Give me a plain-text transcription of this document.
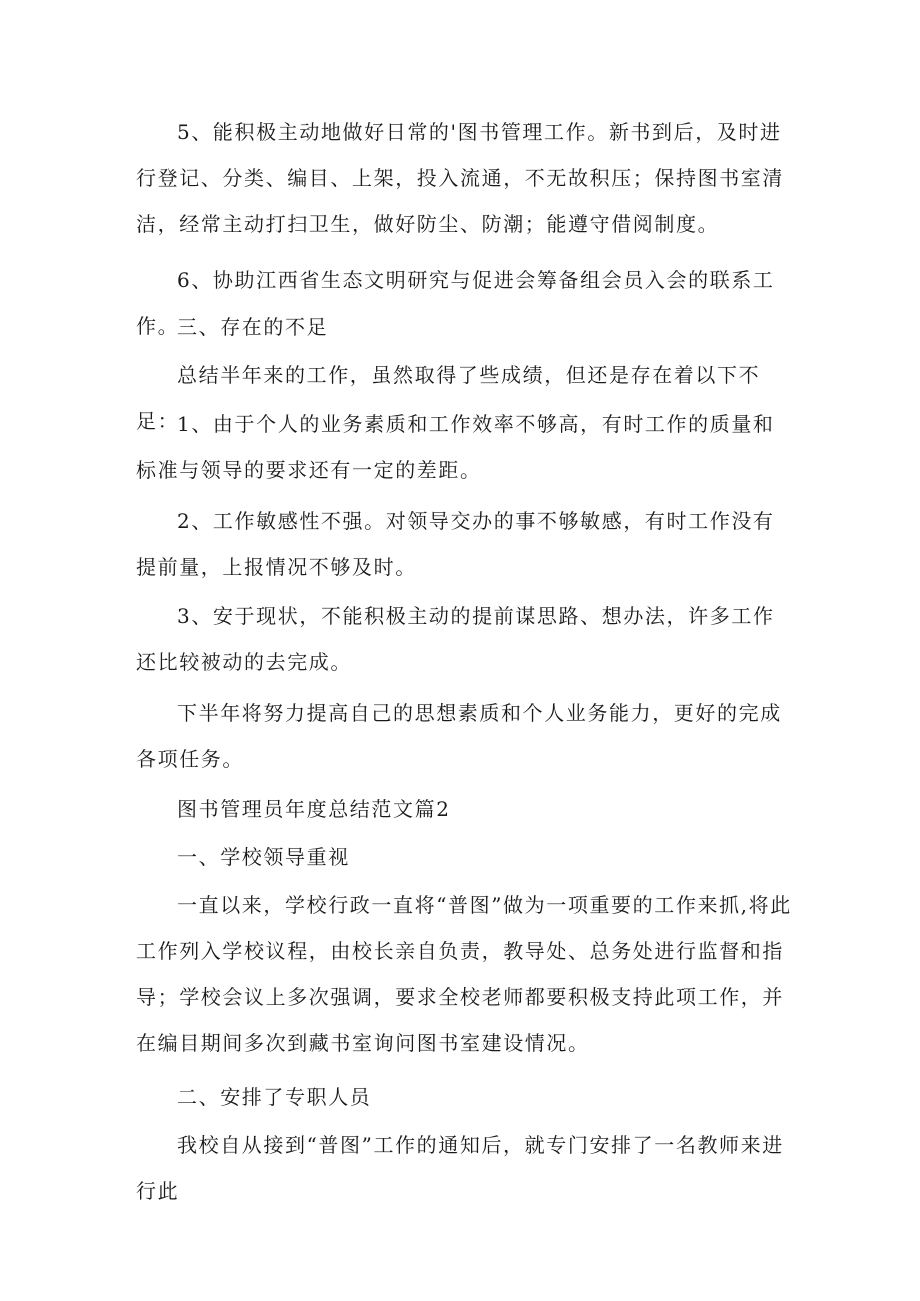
5、能积极主动地做好日常的'图书管理工作。新书到后，及时进行登记、分类、编目、上架，投入流通，不无故积压；保持图书室清洁，经常主动打扫卫生，做好防尘、防潮；能遵守借阅制度。

6、协助江西省生态文明研究与促进会筹备组会员入会的联系工作。

三、存在的不足

总结半年来的工作，虽然取得了些成绩，但还是存在着以下不足：

1、由于个人的业务素质和工作效率不够高，有时工作的质量和标准与领导的要求还有一定的差距。

2、工作敏感性不强。对领导交办的事不够敏感，有时工作没有提前量，上报情况不够及时。

3、安于现状，不能积极主动的提前谋思路、想办法，许多工作还比较被动的去完成。

下半年将努力提高自己的思想素质和个人业务能力，更好的完成各项任务。

图书管理员年度总结范文篇2

一、学校领导重视

一直以来，学校行政一直将“普图”做为一项重要的工作来抓,将此工作列入学校议程，由校长亲自负责，教导处、总务处进行监督和指导；学校会议上多次强调，要求全校老师都要积极支持此项工作，并在编目期间多次到藏书室询问图书室建设情况。

二、安排了专职人员

我校自从接到“普图”工作的通知后，就专门安排了一名教师来进行此
